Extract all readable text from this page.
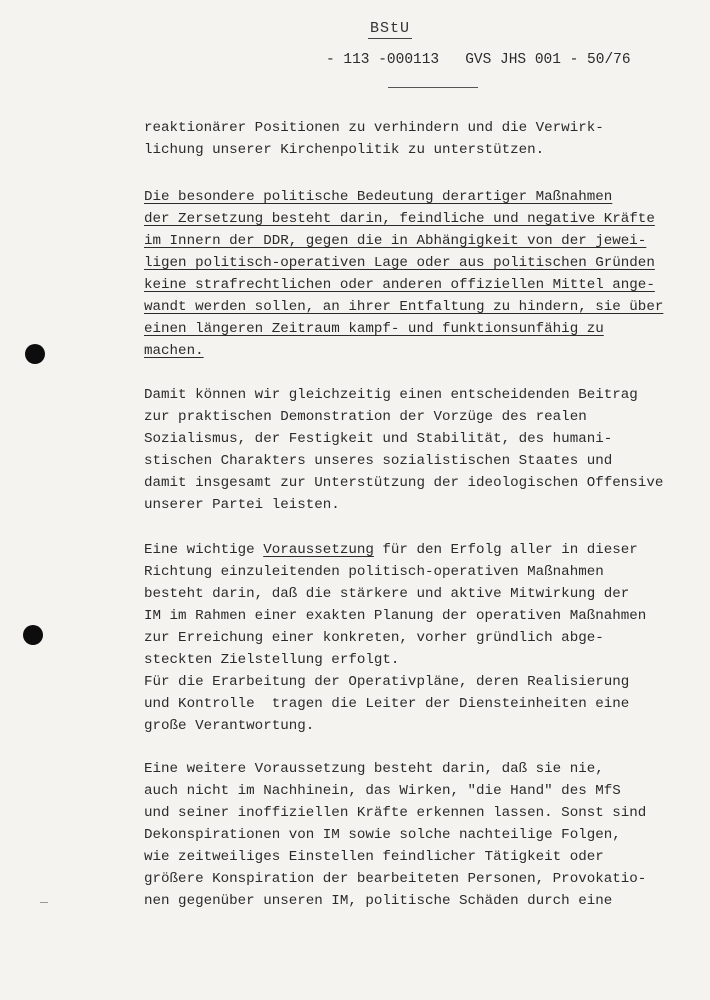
BStU
- 113 -000113   GVS JHS 001 - 50/76
reaktionärer Positionen zu verhindern und die Verwirk-
lichung unserer Kirchenpolitik zu unterstützen.
Die besondere politische Bedeutung derartiger Maßnahmen
der Zersetzung besteht darin, feindliche und negative Kräfte
im Innern der DDR, gegen die in Abhängigkeit von der jewei-
ligen politisch-operativen Lage oder aus politischen Gründen
keine strafrechtlichen oder anderen offiziellen Mittel ange-
wandt werden sollen, an ihrer Entfaltung zu hindern, sie über
einen längeren Zeitraum kampf- und funktionsunfähig zu
machen.
Damit können wir gleichzeitig einen entscheidenden Beitrag
zur praktischen Demonstration der Vorzüge des realen
Sozialismus, der Festigkeit und Stabilität, des humani-
stischen Charakters unseres sozialistischen Staates und
damit insgesamt zur Unterstützung der ideologischen Offensive
unserer Partei leisten.
Eine wichtige Voraussetzung für den Erfolg aller in dieser
Richtung einzuleitenden politisch-operativen Maßnahmen
besteht darin, daß die stärkere und aktive Mitwirkung der
IM im Rahmen einer exakten Planung der operativen Maßnahmen
zur Erreichung einer konkreten, vorher gründlich abge-
steckten Zielstellung erfolgt.
Für die Erarbeitung der Operativpläne, deren Realisierung
und Kontrolle  tragen die Leiter der Diensteinheiten eine
große Verantwortung.
Eine weitere Voraussetzung besteht darin, daß sie nie,
auch nicht im Nachhinein, das Wirken, "die Hand" des MfS
und seiner inoffiziellen Kräfte erkennen lassen. Sonst sind
Dekonspirationen von IM sowie solche nachteilige Folgen,
wie zeitweiliges Einstellen feindlicher Tätigkeit oder
größere Konspiration der bearbeiteten Personen, Provokatio-
nen gegenüber unseren IM, politische Schäden durch eine
